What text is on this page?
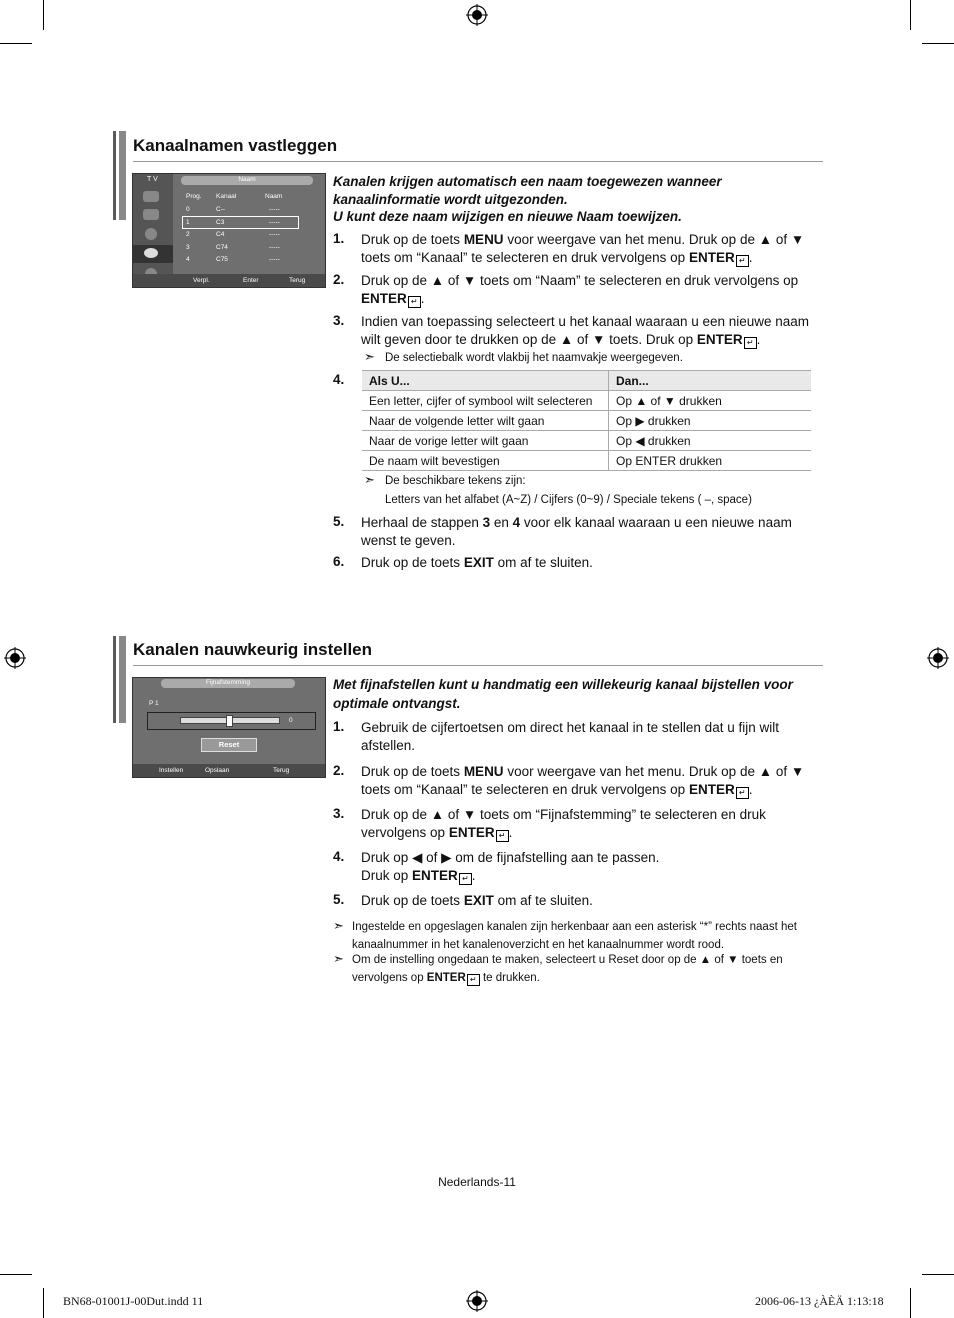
Kanaalnamen vastleggen
T V	Naam
Prog. Kanaal	Naam
0	C--	-----
1	C3	-----
2	C4	-----
3	C74	-----
4	C75	-----
Verpl.	Enter	Terug
Kanalen krijgen automatisch een naam toegewezen wanneer kanaalinformatie wordt uitgezonden.
U kunt deze naam wijzigen en nieuwe Naam toewijzen.
1. Druk op de toets MENU voor weergave van het menu. Druk op de ▲ of ▼ toets om “Kanaal” te selecteren en druk vervolgens op ENTER ↵ .
2. Druk op de ▲ of ▼ toets om “Naam” te selecteren en druk vervolgens op ENTER ↵ .
3. Indien van toepassing selecteert u het kanaal waaraan u een nieuwe naam wilt geven door te drukken op de ▲ of ▼ toets. Druk op ENTER ↵ .
➣ De selectiebalk wordt vlakbij het naamvakje weergegeven.
4. Als U...	Dan...
Een letter, cijfer of symbool wilt selecteren	Op ▲ of ▼ drukken
Naar de volgende letter wilt gaan	Op ▶ drukken
Naar de vorige letter wilt gaan	Op ◀ drukken
De naam wilt bevestigen	Op ENTER drukken
➣ De beschikbare tekens zijn:
Letters van het alfabet (A~Z) / Cijfers (0~9) / Speciale tekens ( –, space)
5. Herhaal de stappen 3 en 4 voor elk kanaal waaraan u een nieuwe naam wenst te geven.
6. Druk op de toets EXIT om af te sluiten.
Kanalen nauwkeurig instellen
Fijnafstemming
P 1
0
Reset
Instellen	Opslaan	Terug
Met fijnafstellen kunt u handmatig een willekeurig kanaal bijstellen voor optimale ontvangst.
1. Gebruik de cijfertoetsen om direct het kanaal in te stellen dat u fijn wilt afstellen.
2. Druk op de toets MENU voor weergave van het menu. Druk op de ▲ of ▼ toets om “Kanaal” te selecteren en druk vervolgens op ENTER ↵ .
3. Druk op de ▲ of ▼ toets om “Fijnafstemming” te selecteren en druk vervolgens op ENTER ↵ .
4. Druk op ◀ of ▶ om de fijnafstelling aan te passen.
Druk op ENTER ↵ .
5. Druk op de toets EXIT om af te sluiten.
➣ Ingestelde en opgeslagen kanalen zijn herkenbaar aan een asterisk “*” rechts naast het kanaalnummer in het kanalenoverzicht en het kanaalnummer wordt rood.
➣ Om de instelling ongedaan te maken, selecteert u Reset door op de ▲ of ▼ toets en vervolgens op ENTER ↵ te drukken.
Nederlands-11
BN68-01001J-00Dut.indd 11	2006-06-13 ¿ÀÈÄ 1:13:18
